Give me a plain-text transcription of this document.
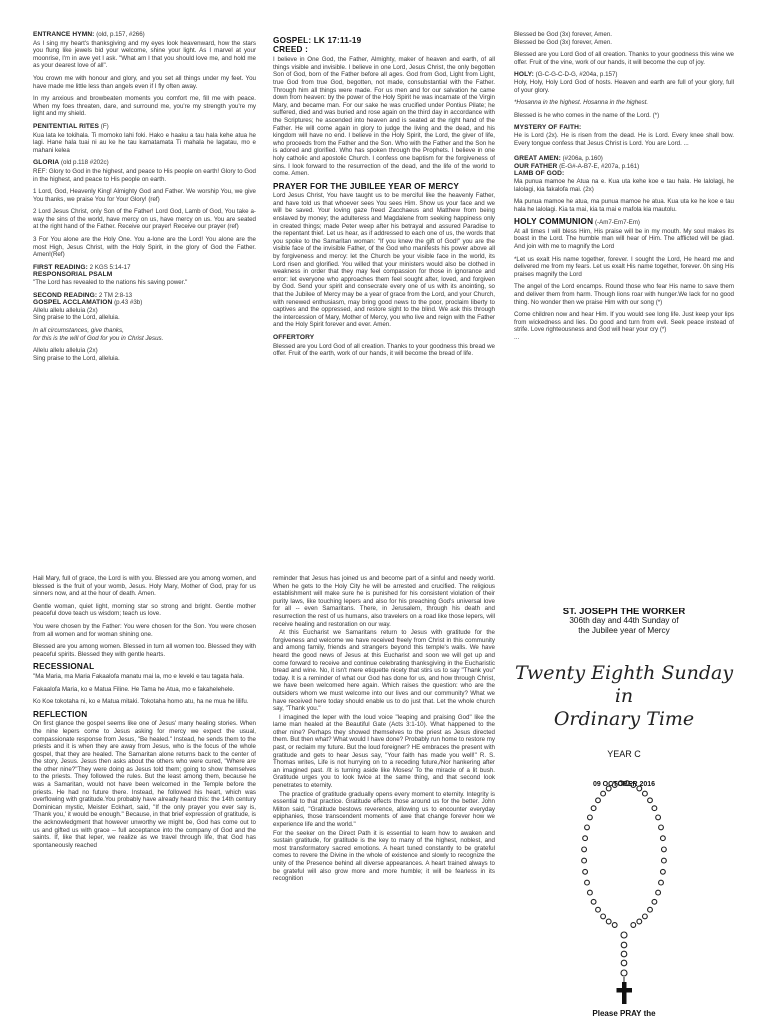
ENTRANCE HYMN: (old, p.157, #266)

As I sing my heart's thanksgiving and my eyes look heavenward, how the stars you flung like jewels bid your welcome, shine your light. As I marvel at your moonrise, I'm in awe yet I ask. "What am I that you should love me, and hold me as your dearest love of all".

You crown me with honour and glory, and you set all things under my feet. You have made me little less than angels even if I fly often away.

In my anxious and browbeaten moments you comfort me, fill me with peace. When my foes threaten, dare, and surround me, you're my strength you're my light and my shield.

PENITENTIAL RITES (F)

Kua lata ke tokihala. Ti momoko lahi foki. Hako e haaku a tau hala kehe atua he lagi. Hane hala tuai ni au ke he tau kamatamata Ti mahala he lagatau, mo e mahani kelea

GLORIA (old p.118 #202c)

REF: Glory to God in the highest, and peace to His people on earth! Glory to God in the highest, and peace to His people on earth.

1 Lord, God, Heavenly King! Almighty God and Father. We worship You, we give You thanks, we praise You for Your Glory! (ref)

2 Lord Jesus Christ, only Son of the Father! Lord God, Lamb of God, You take a-way the sins of the world, have mercy on us, have mercy on us. You are seated at the right hand of the Father. Receive our prayer! Receive our prayer (ref)

3 For You alone are the Holy One. You a-lone are the Lord! You alone are the most High, Jesus Christ, with the Holy Spirit, in the glory of God the Father. Amen!(Ref)

FIRST READING: 2 KGS 5:14-17

RESPONSORIAL PSALM

"The Lord has revealed to the nations his saving power."

SECOND READING: 2 TM 2:8-13

GOSPEL ACCLAMATION (p.43 #3b)

Allelu allelu alleluia (2x)

Sing praise to the Lord, alleluia.

In all circumstances, give thanks,

for this is the will of God for you in Christ Jesus.

Allelu allelu alleluia (2x)

Sing praise to the Lord, alleluia.

GOSPEL: LK 17:11-19

CREED :

I believe in One God, the Father, Almighty, maker of heaven and earth, of all things visible and invisible. I believe in one Lord, Jesus Christ, the only begotten Son of God, born of the Father before all ages. God from God, Light from Light, true God from true God, begotten, not made, consubstantial with the Father. Through him all things were made. For us men and for our salvation he came down from heaven: by the power of the Holy Spirit he was incarnate of the Virgin Mary, and became man. For our sake he was crucified under Pontius Pilate; he suffered, died and was buried and rose again on the third day in accordance with the Scriptures; he ascended into heaven and is seated at the right hand of the Father. He will come again in glory to judge the living and the dead, and his kingdom will have no end. I believe in the Holy Spirit, the Lord, the giver of life, who proceeds from the Father and the Son. Who with the Father and the Son he is adored and glorified. Who has spoken through the Prophets. I believe in one holy catholic and apostolic Church. I confess one baptism for the forgiveness of sins. I look forward to the resurrection of the dead, and the life of the world to come. Amen.

PRAYER FOR THE JUBILEE YEAR OF MERCY

Lord Jesus Christ, You have taught us to be merciful like the heavenly Father, and have told us that whoever sees You sees Him. Show us your face and we will be saved. Your loving gaze freed Zacchaeus and Matthew from being enslaved by money; the adulteress and Magdalene from seeking happiness only in created things; made Peter weep after his betrayal and assured Paradise to the repentant thief. Let us hear, as if addressed to each one of us, the words that you spoke to the Samaritan woman: "If you knew the gift of God!" you are the visible face of the invisible Father, of the God who manifests his power above all by forgiveness and mercy: let the Church be your visible face in the world, its Lord risen and glorified. You willed that your ministers would also be clothed in weakness in order that they may feel compassion for those in ignorance and error: let everyone who approaches them feel sought after, loved, and forgiven by God. Send your spirit and consecrate every one of us with its anointing, so that the Jubilee of Mercy may be a year of grace from the Lord, and your Church, with renewed enthusiasm, may bring good news to the poor, proclaim liberty to captives and the oppressed, and restore sight to the blind. We ask this through the intercession of Mary, Mother of Mercy, you who live and reign with the Father and the Holy Spirit forever and ever. Amen.

OFFERTORY

Blessed are you Lord God of all creation. Thanks to your goodness this bread we offer. Fruit of the earth, work of our hands, it will become the bread of life.

Blessed be God (3x) forever, Amen.

Blessed be God (3x) forever, Amen.

Blessed are you Lord God of all creation. Thanks to your goodness this wine we offer. Fruit of the vine, work of our hands, it will become the cup of joy.

HOLY: (G-C-G-C-D-G, #204a, p.157)

Holy, Holy, Holy Lord God of hosts. Heaven and earth are full of your glory, full of your glory.

*Hosanna in the highest. Hosanna in the highest.

Blessed is he who comes in the name of the Lord. (*)

MYSTERY OF FAITH:

He is Lord (2x). He is risen from the dead. He is Lord. Every knee shall bow. Every tongue confess that Jesus Christ is Lord. You are Lord. ...

GREAT AMEN: (#206a, p.160)

OUR FATHER (E-G#-A-B7-E, #207a, p.161)

LAMB OF GOD:

Ma punua mamoe he Atua na e. Kua uta kehe koe e tau hala. He lalolagi, he lalolagi, kia fakalofa mai. (2x)

Ma punua mamoe he atua, ma punua mamoe he atua. Kua uta ke he koe e tau hala he lalolagi. Kia ta mai, kia ta mai e mafola kia mautolu.

HOLY COMMUNION (-Am7-Em7-Em)

At all times I will bless Him, His praise will be in my mouth. My soul makes its boast in the Lord. The humble man will hear of Him. The afflicted will be glad. And join with me to magnify the Lord

*Let us exalt His name together, forever. I sought the Lord, He heard me and delivered me from my fears. Let us exalt His name together, forever. 0h sing His praises magnify the Lord

The angel of the Lord encamps. Round those who fear His name to save them and deliver them from harm. Though lions roar with hunger.We lack for no good thing. No wonder then we praise Him with our song (*)

Come children now and hear Him. If you would see long life. Just keep your lips from wickedness and lies. Do good and turn from evil. Seek peace instead of strife. Love righteousness and God will hear your cry (*)

...

Hail Mary, full of grace, the Lord is with you. Blessed are you among women, and blessed is the fruit of your womb, Jesus. Holy Mary, Mother of God, pray for us sinners now, and at the hour of death. Amen.

Gentle woman, quiet light, morning star so strong and bright. Gentle mother peaceful dove teach us wisdom; teach us love.

You were chosen by the Father: You were chosen for the Son. You were chosen from all women and for woman shining one.

Blessed are you among women. Blessed in turn all women too. Blessed they with peaceful spirits. Blessed they with gentle hearts.

RECESSIONAL

"Ma Maria, ma Maria Fakaalofa manatu mai la, mo e leveki e tau tagata hala.

Fakaalofa Maria, ko e Matua Filine. He Tama he Atua, mo e fakahelehele.

Ko Koe tokotaha ni, ko e Matua mitaki. Tokotaha homo atu, ha ne mua he lilifu.

REFLECTION

On first glance the gospel seems like one of Jesus' many healing stories. When the nine lepers come to Jesus asking for mercy we expect the usual, compassionate response from Jesus, "Be healed." Instead, he sends them to the priests and it is when they are away from Jesus, who is the focus of the whole gospel, that they are healed. The Samaritan alone returns back to the center of the story, Jesus. Jesus then asks about the others who were cured, "Where are the other nine?"They were doing as Jesus told them; going to show themselves to the priests. They followed the rules. But the least among them, because he was a Samaritan, would not have been welcomed in the Temple before the priests. He had no future there. Instead, he followed his heart, which was overflowing with gratitude.You probably have already heard this: the 14th century Dominican mystic, Meister Eckhart, said, "If the only prayer you ever say is, 'Thank you,' it would be enough." Because, in that brief expression of gratitude, is the acknowledgment that however unworthy we might be, God has come out to us and gifted us with grace -- full acceptance into the company of God and the saints. If, like that leper, we realize as we travel through life, that God has spontaneously reached

reminder that Jesus has joined us and become part of a sinful and needy world. When he gets to the Holy City he will be arrested and crucified. The religious establishment will make sure he is punished for his consistent violation of their purity laws, like touching lepers and also for his preaching God's universal love for all -- even Samaritans. There, in Jerusalem, through his death and resurrection the rest of us humans, also travelers on a road like those lepers, will receive healing and restoration on our way.

At this Eucharist we Samaritans return to Jesus with gratitude for the forgiveness and welcome we have received freely from Christ in this community and among family, friends and strangers beyond this temple's walls. We have heard the good news of Jesus at this Eucharist and soon we will get up and come forward to receive and continue celebrating thanksgiving in the Eucharistic bread and wine. No, it isn't mere etiquette nicety that stirs us to say "Thank you" today. It is a reminder of what our God has done for us, and how through Christ, we have been welcomed here again. Which raises the question: who are the outsiders whom we must welcome into our lives and our community? What we have received here today should enable us to do just that. Let the whole church say, "Thank you."

I imagined the leper with the loud voice "leaping and praising God" like the lame man healed at the Beautiful Gate (Acts 3:1-10). What happened to the other nine? Perhaps they showed themselves to the priest as Jesus directed them. But then what? What would I have done? Probably run home to restore my past, or reclaim my future. But the loud foreigner? HE embraces the present with gratitude and gets to hear Jesus say, "Your faith has made you well!" R. S. Thomas writes, Life is not hurrying on to a receding future,/Nor hankering after an imagined past. /It is turning aside like Moses/ To the miracle of a lit bush. Gratitude urges you to look twice at the same thing, and that second look penetrates to eternity.

The practice of gratitude gradually opens every moment to eternity. Integrity is essential to that practice. Gratitude effects those around us for the better. John Milton said, "Gratitude bestows reverence, allowing us to encounter everyday epiphanies, those transcendent moments of awe that change forever how we experience life and the world."

For the seeker on the Direct Path it is essential to learn how to awaken and sustain gratitude, for gratitude is the key to many of the highest, noblest, and most transformatory sacred emotions. A heart tuned constantly to be grateful comes to revere the Divine in the whole of existence and slowly to recognize the unity of the Presence behind all diverse appearances. A heart trained always to be grateful will also grow more and more humble; it will be fearless in its recognition

ST. JOSEPH THE WORKER
306th day and 44th Sunday of
the Jubilee year of Mercy
Twenty Eighth Sunday in
Ordinary Time
YEAR C
09 OCTOBER 2016
Please PRAY the
